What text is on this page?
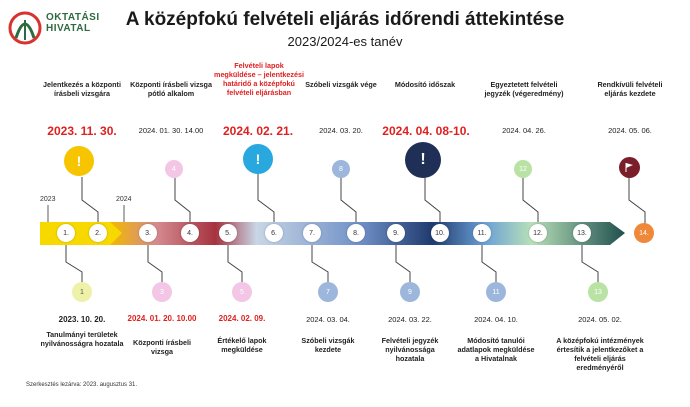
OKTATÁSI
HIVATAL	A középfokú felvételi eljárás időrendi áttekintése
2023/2024-es tanév
2023	2024
1.	2.	3.	4.	5.	6.	7.	8.	9.	10.	11.	12.	13.	14.
Jelentkezés a központi írásbeli vizsgára
2023. 11. 30.
!
Központi írásbeli vizsga pótló alkalom
2024. 01. 30. 14.00
4
Felvételi lapok megküldése – jelentkezési határidő a középfokú felvételi eljárásban
2024. 02. 21.
!
Szóbeli vizsgák vége
2024. 03. 20.
8
Módosító időszak
2024. 04. 08-10.
!
Egyeztetett felvételi jegyzék (végeredmény)
2024. 04. 26.
12
Rendkívüli felvételi eljárás kezdete
2024. 05. 06.
1
2023. 10. 20.
Tanulmányi területek nyilvánosságra hozatala
3
2024. 01. 20. 10.00
Központi írásbeli vizsga
5
2024. 02. 09.
Értékelő lapok megküldése
7
2024. 03. 04.
Szóbeli vizsgák kezdete
9
2024. 03. 22.
Felvételi jegyzék nyilvánossága hozatala
11
2024. 04. 10.
Módosító tanulói adatlapok megküldése a Hivatalnak
13
2024. 05. 02.
A középfokú intézmények értesítik a jelentkezőket a felvételi eljárás eredményéről
Szerkesztés lezárva: 2023. augusztus 31.
